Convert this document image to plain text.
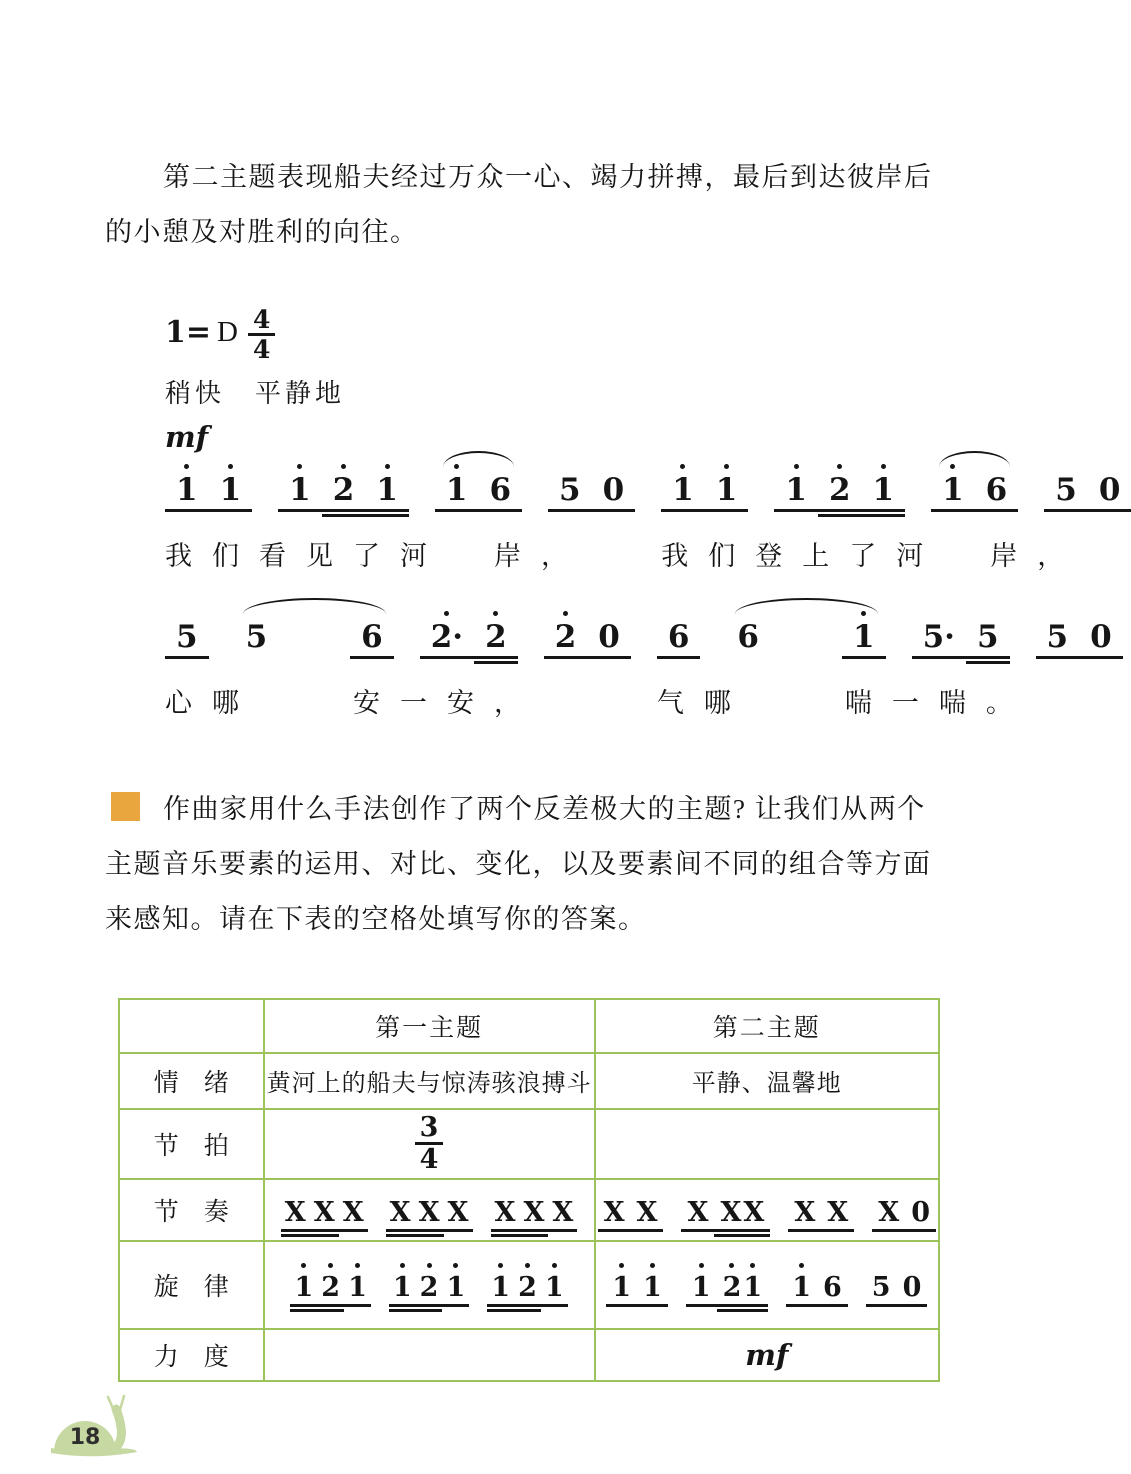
第二主题表现船夫经过万众一心、竭力拼搏，最后到达彼岸后的小憩及对胜利的向往。

1= D $\frac{4}{4}$
稍快　平静地
mf
1 1 1 2 1 1 6 5 0
我们看见了河　岸，
1 1 1 2 1 1 6 5 0
我们登上了河　岸，
5 5	6 2· 2 2 0
心哪　　安一安，
6 6	1 5· 5 5 0
气哪　　喘一喘。

作曲家用什么手法创作了两个反差极大的主题? 让我们从两个主题音乐要素的运用、对比、变化，以及要素间不同的组合等方面来感知。请在下表的空格处填写你的答案。

	第一主题	第二主题
情　绪	黄河上的船夫与惊涛骇浪搏斗	平静、温馨地
节　拍	$\frac{3}{4}$

节　奏	X X X X X X X X X	X X X X X X X X 0

旋　律	1 2 1 1 2 1 1 2 1	1 1 1 2 1 1 6 5 0

力　度		mf
18
